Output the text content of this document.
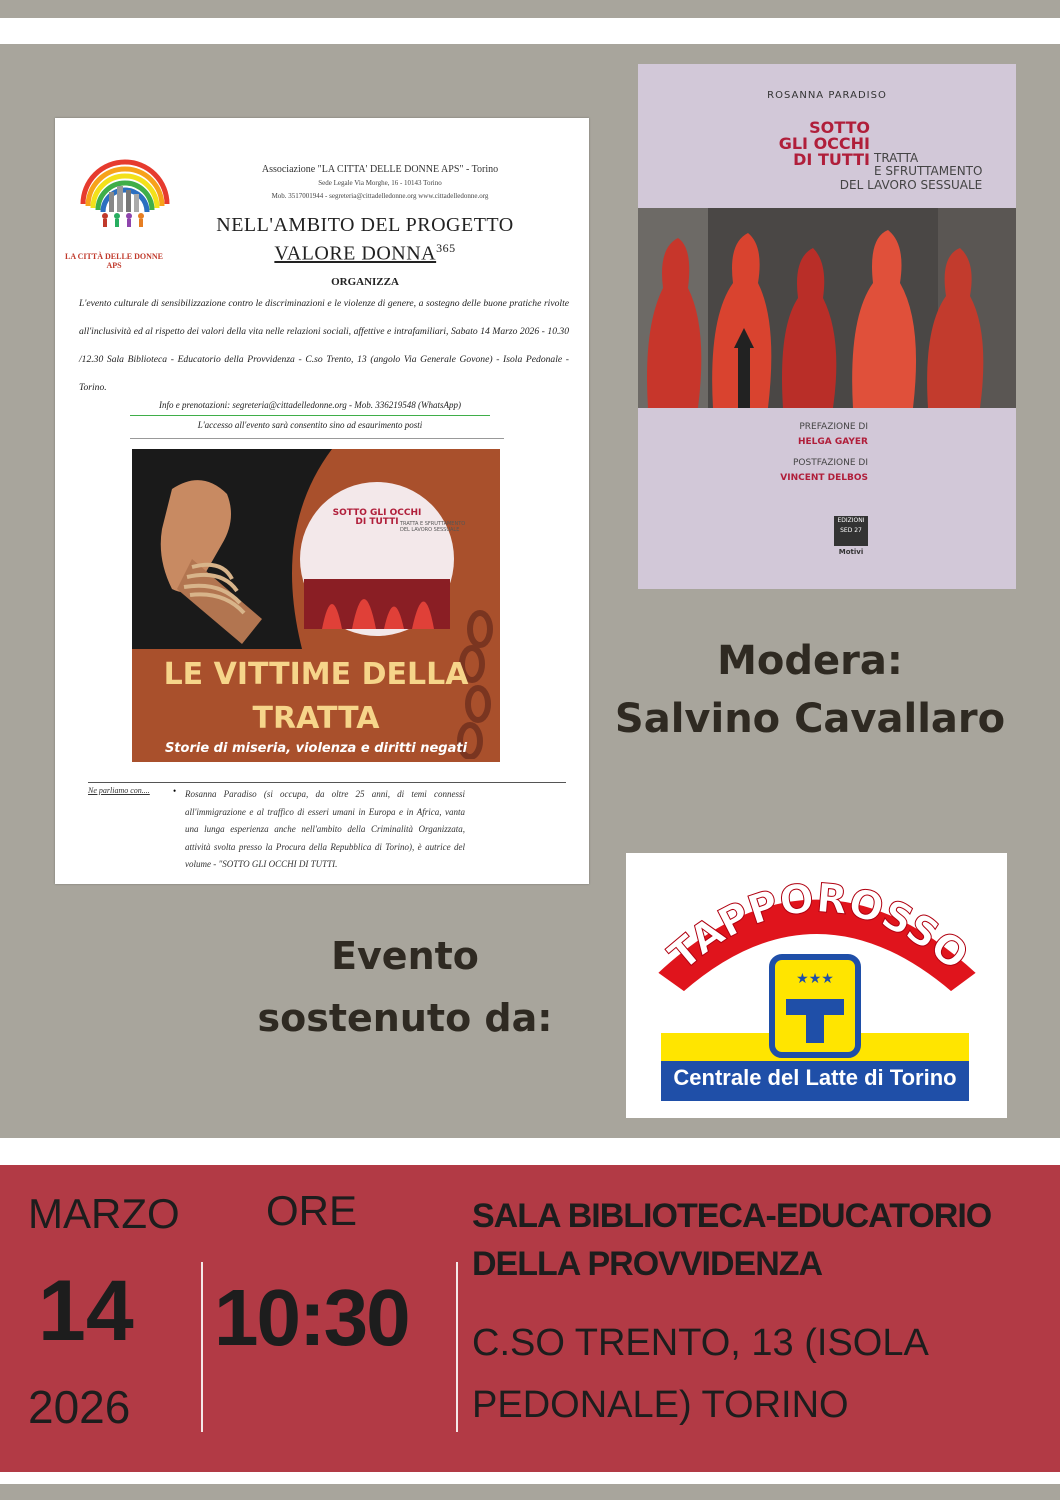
LA CITTÀ DELLE DONNE APS
Associazione "LA CITTA' DELLE DONNE APS" - Torino
Sede Legale Via Morghe, 16 - 10143 Torino
Mob. 3517001944 - segreteria@cittadelledonne.org www.cittadelledonne.org
NELL'AMBITO DEL PROGETTO
VALORE DONNA$^{365}$
ORGANIZZA
L'evento culturale di sensibilizzazione contro le discriminazioni e le violenze di genere, a sostegno delle buone pratiche rivolte all'inclusività ed al rispetto dei valori della vita nelle relazioni sociali, affettive e intrafamiliari, Sabato 14 Marzo 2026 - 10.30 /12.30 Sala Biblioteca - Educatorio della Provvidenza - C.so Trento, 13 (angolo Via Generale Govone) - Isola Pedonale - Torino.
Info e prenotazioni: segreteria@cittadelledonne.org - Mob. 336219548 (WhatsApp)
L'accesso all'evento sarà consentito sino ad esaurimento posti
SOTTO GLI OCCHI DI TUTTI TRATTA E SFRUTTAMENTO DEL LAVORO SESSUALE
LE VITTIME DELLA
TRATTA
Storie di miseria, violenza e diritti negati
Ne parliamo con....	• Rosanna Paradiso (si occupa, da oltre 25 anni, di temi connessi all'immigrazione e al traffico di esseri umani in Europa e in Africa, vanta una lunga esperienza anche nell'ambito della Criminalità Organizzata, attività svolta presso la Procura della Repubblica di Torino), è autrice del volume - "SOTTO GLI OCCHI DI TUTTI.
ROSANNA PARADISO
SOTTO
GLI OCCHI
DI TUTTI TRATTA
E SFRUTTAMENTO
DEL LAVORO SESSUALE
PREFAZIONE DI
HELGA GAYER
POSTFAZIONE DI
VINCENT DELBOS
EDIZIONI SED 27
Motivi
Modera:
Salvino Cavallaro
Evento
sostenuto da:
TAPPOROSSO
★★★
Centrale del Latte di Torino
MARZO ORE
14
2026
10:30
SALA BIBLIOTECA-EDUCATORIO
DELLA PROVVIDENZA
C.SO TRENTO, 13 (ISOLA
PEDONALE) TORINO
